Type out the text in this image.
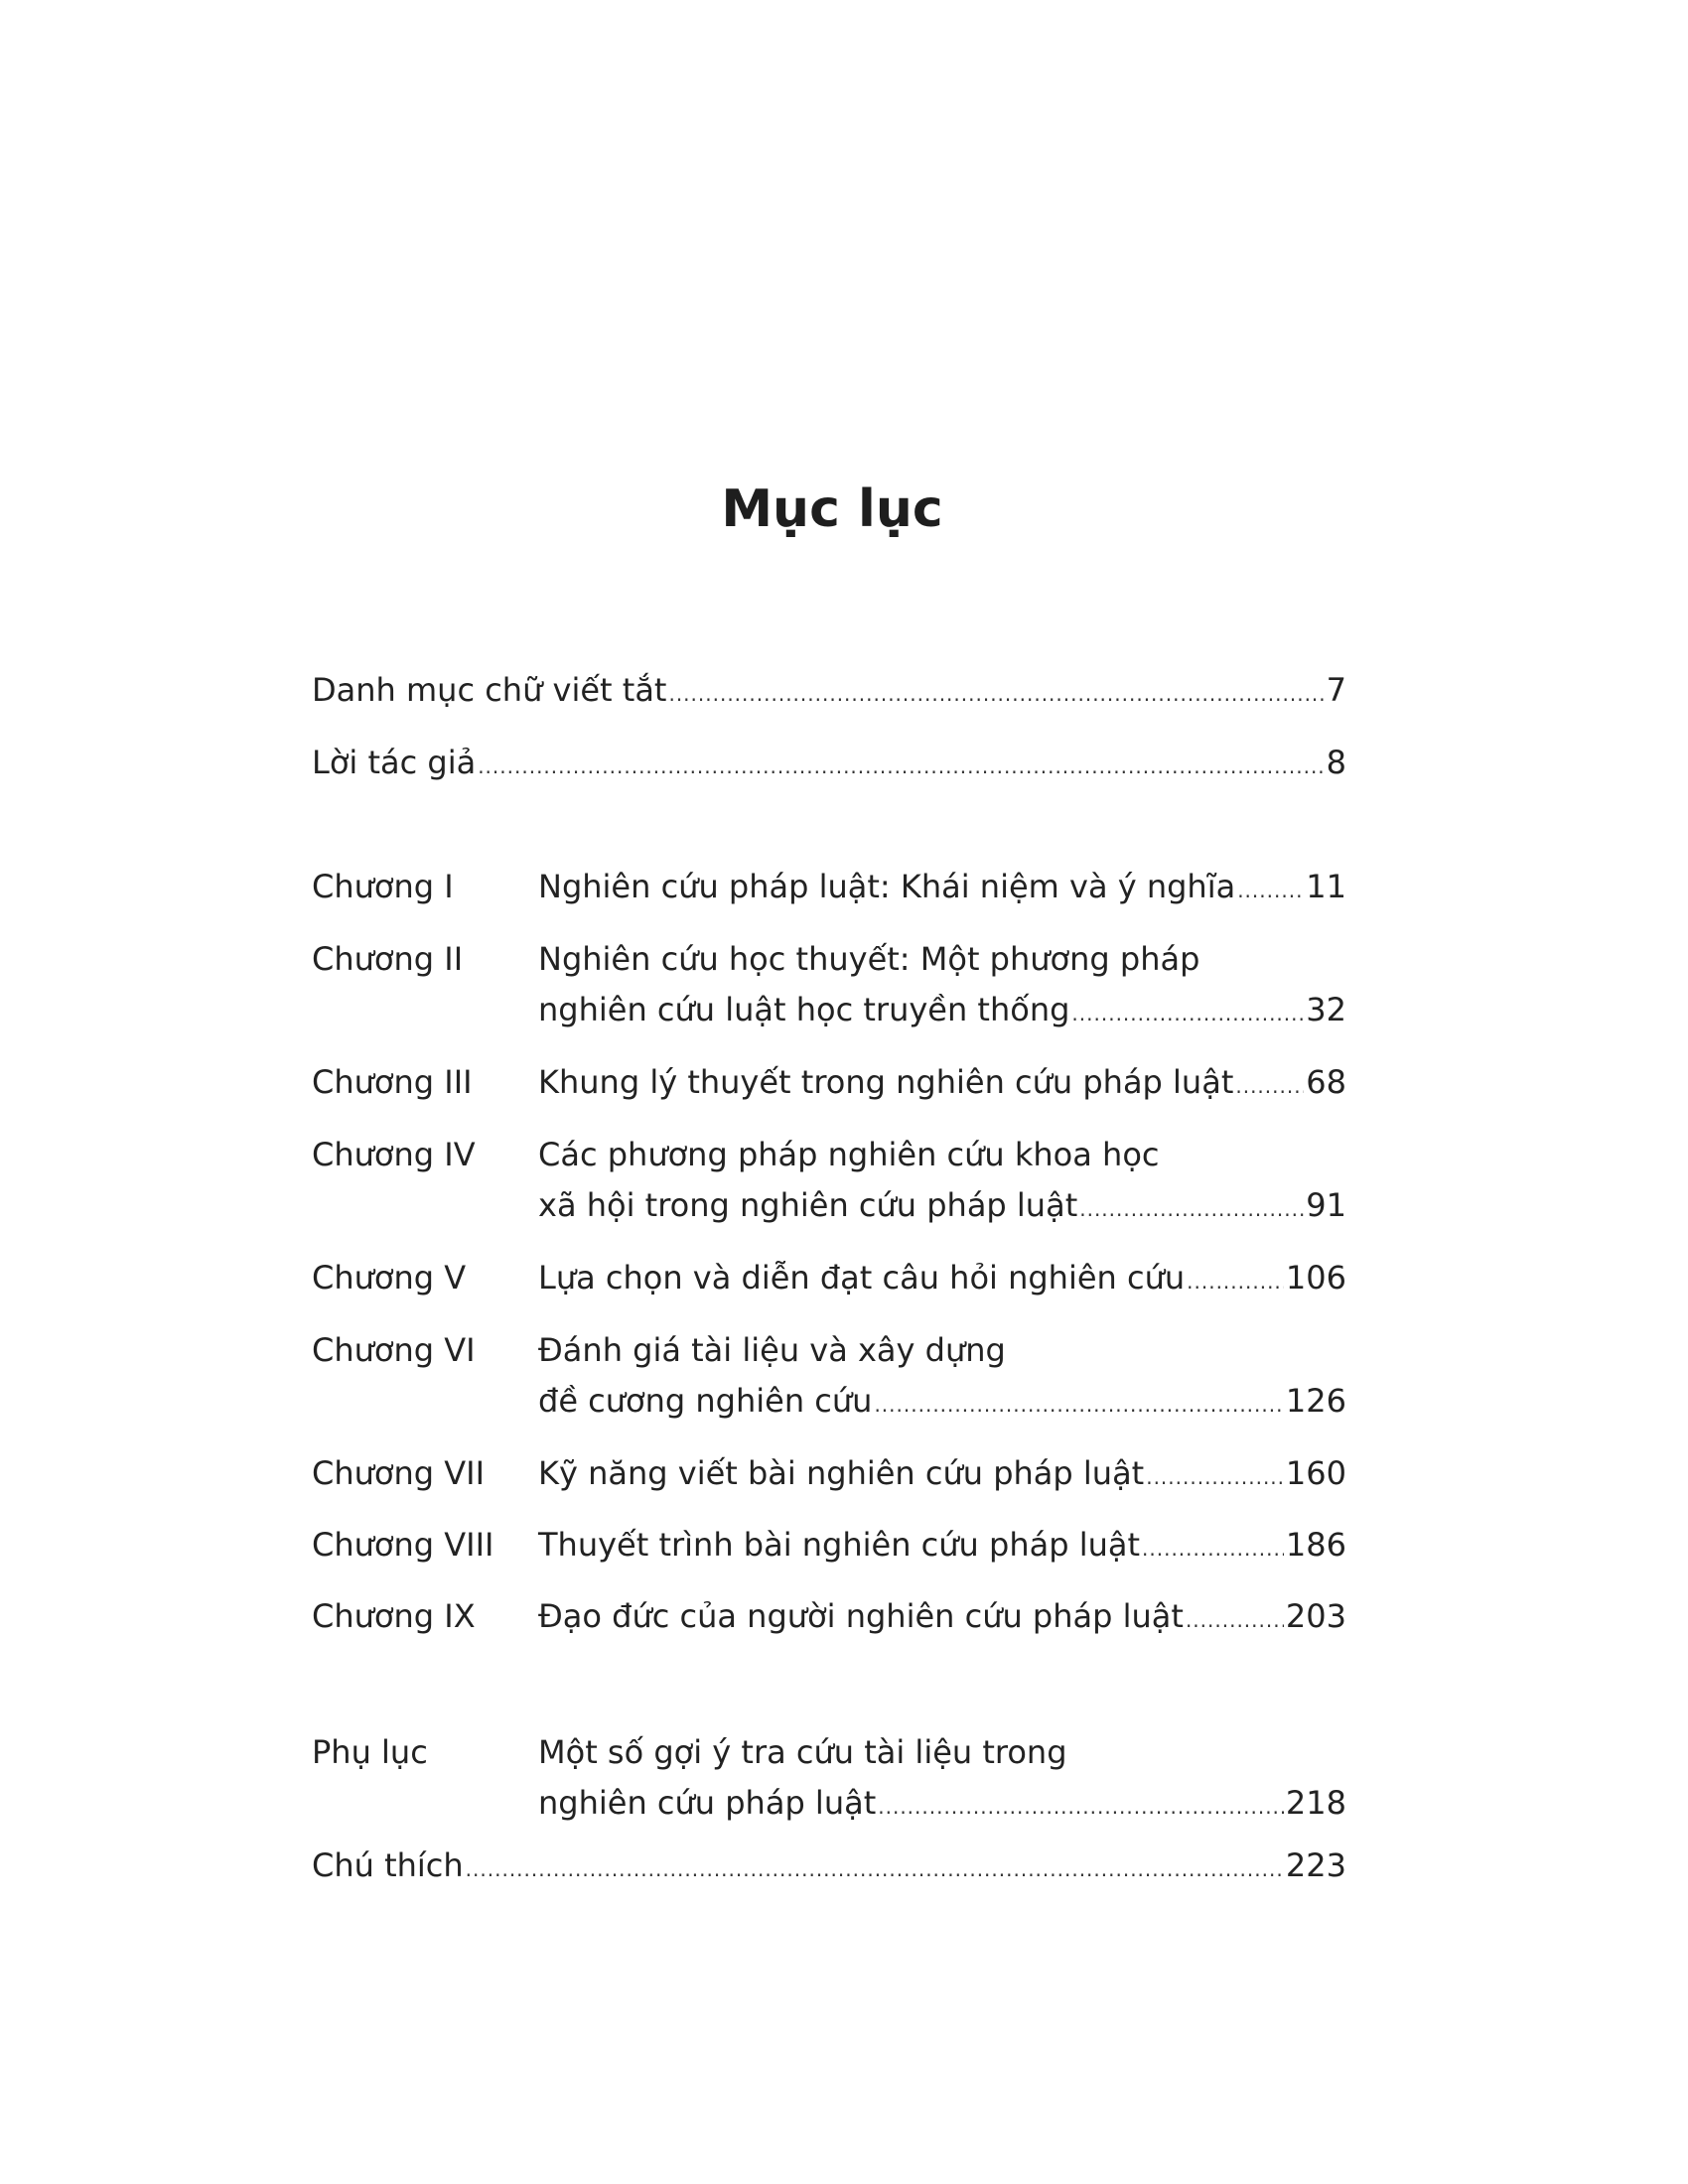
Mục lục
Danh mục chữ viết tắt .....	7
Lời tác giả .....	8
Chương I	Nghiên cứu pháp luật: Khái niệm và ý nghĩa ..... 11
Chương II Nghiên cứu học thuyết: Một phương pháp
nghiên cứu luật học truyền thống .....	32
Chương III Khung lý thuyết trong nghiên cứu pháp luật ..... 68
Chương IV Các phương pháp nghiên cứu khoa học
xã hội trong nghiên cứu pháp luật .....	91
Chương V Lựa chọn và diễn đạt câu hỏi nghiên cứu .....	106
Chương VI Đánh giá tài liệu và xây dựng
đề cương nghiên cứu .....	126
Chương VII Kỹ năng viết bài nghiên cứu pháp luật .....	160
Chương VIII Thuyết trình bài nghiên cứu pháp luật .....	186
Chương IX Đạo đức của người nghiên cứu pháp luật .....	203
Phụ lục	Một số gợi ý tra cứu tài liệu trong
nghiên cứu pháp luật .....	218
Chú thích .....	223
